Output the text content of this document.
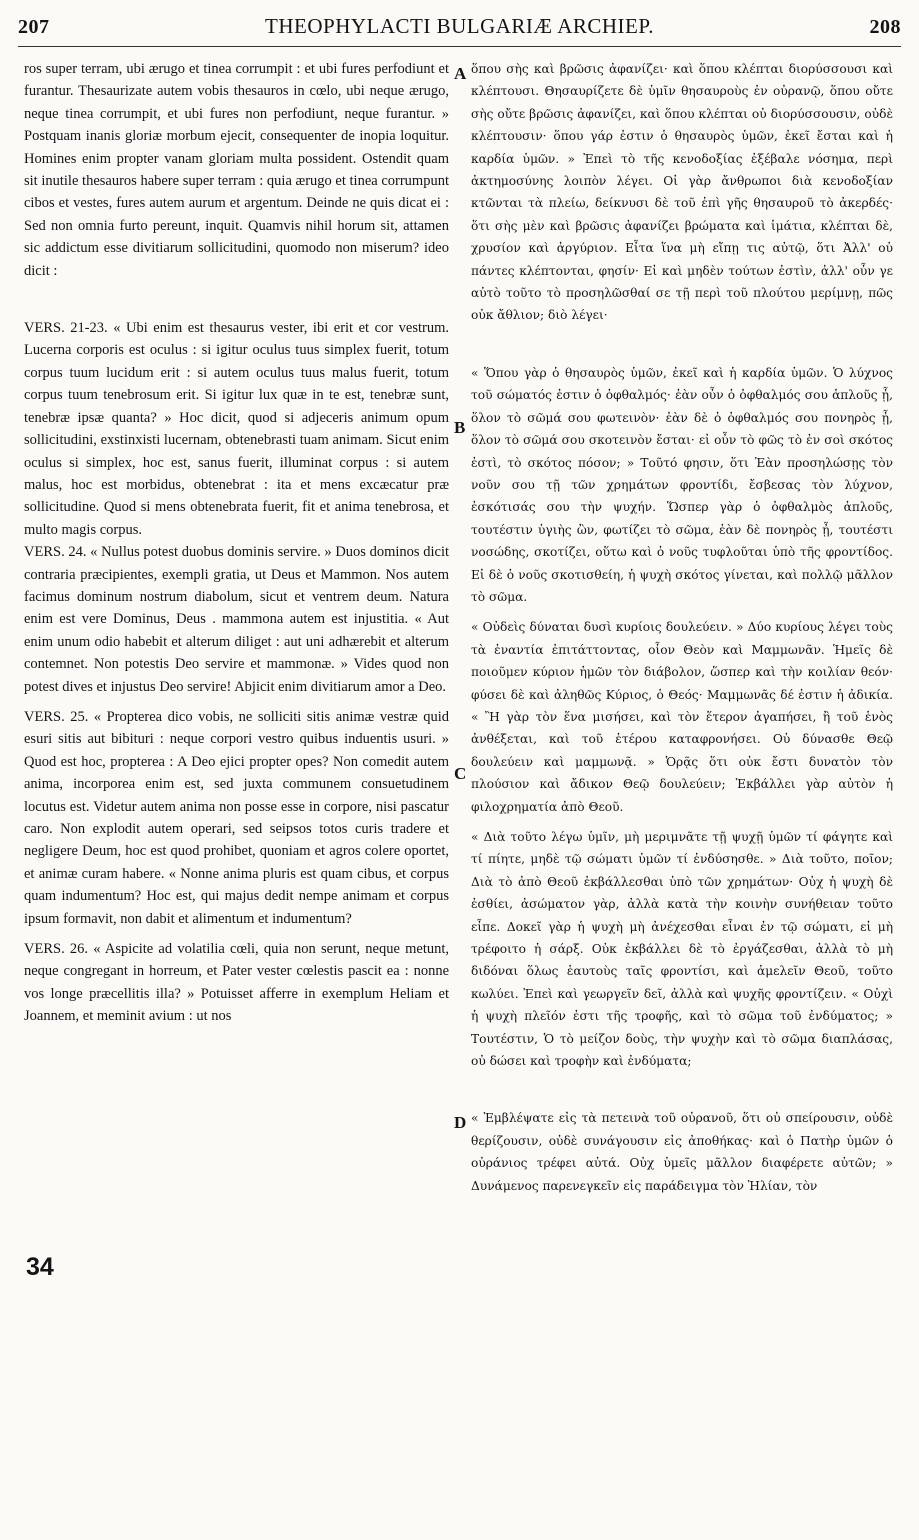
207	THEOPHYLACTI BULGARIÆ ARCHIEP.	208

ros super terram, ubi ærugo et tinea corrumpit : et ubi fures perfodiunt et furantur. Thesaurizate autem vobis thesauros in cœlo, ubi neque ærugo, neque tinea corrumpit, et ubi fures non perfodiunt, neque furantur. » Postquam inanis gloriæ morbum ejecit, consequenter de inopia loquitur. Homines enim propter vanam gloriam multa possident. Ostendit quam sit inutile thesauros habere super terram : quia ærugo et tinea corrumpunt cibos et vestes, fures autem aurum et argentum. Deinde ne quis dicat ei : Sed non omnia furto pereunt, inquit. Quamvis nihil horum sit, attamen sic addictum esse divitiarum sollicitudini, quomodo non miserum? ideo dicit :

VERS. 21-23. « Ubi enim est thesaurus vester, ibi erit et cor vestrum. Lucerna corporis est oculus : si igitur oculus tuus simplex fuerit, totum corpus tuum lucidum erit : si autem oculus tuus malus fuerit, totum corpus tuum tenebrosum erit. Si igitur lux quæ in te est, tenebræ sunt, tenebræ ipsæ quanta? » Hoc dicit, quod si adjeceris animum opum sollicitudini, exstinxisti lucernam, obtenebrasti tuam animam. Sicut enim oculus si simplex, hoc est, sanus fuerit, illuminat corpus : si autem malus, hoc est morbidus, obtenebrat : ita et mens excæcatur præ sollicitudine. Quod si mens obtenebrata fuerit, fit et anima tenebrosa, et multo magis corpus.

VERS. 24. « Nullus potest duobus dominis servire. » Duos dominos dicit contraria præcipientes, exempli gratia, ut Deus et Mammon. Nos autem facimus dominum nostrum diabolum, sicut et ventrem deum. Natura enim est vere Dominus, Deus . mammona autem est injustitia. « Aut enim unum odio habebit et alterum diliget : aut uni adhærebit et alterum contemnet. Non potestis Deo servire et mammonæ. » Vides quod non potest dives et injustus Deo servire! Abjicit enim divitiarum amor a Deo.

VERS. 25. « Propterea dico vobis, ne solliciti sitis animæ vestræ quid esuri sitis aut bibituri : neque corpori vestro quibus induentis usuri. » Quod est hoc, propterea : A Deo ejici propter opes? Non comedit autem anima, incorporea enim est, sed juxta communem consuetudinem locutus est. Videtur autem anima non posse esse in corpore, nisi pascatur caro. Non explodit autem operari, sed seipsos totos curis tradere et negligere Deum, hoc est quod prohibet, quoniam et agros colere oportet, et animæ curam habere. « Nonne anima pluris est quam cibus, et corpus quam indumentum? Hoc est, qui majus dedit nempe animam et corpus ipsum formavit, non dabit et alimentum et indumentum?

VERS. 26. « Aspicite ad volatilia cœli, quia non serunt, neque metunt, neque congregant in horreum, et Pater vester cœlestis pascit ea : nonne vos longe præcellitis illa? » Potuisset afferre in exemplum Heliam et Joannem, et meminit avium : ut nos

ὅπου σὴς καὶ βρῶσις ἀφανίζει· καὶ ὅπου κλέπται διορύσσουσι καὶ κλέπτουσι. Θησαυρίζετε δὲ ὑμῖν θησαυροὺς ἐν οὐρανῷ, ὅπου οὔτε σὴς οὔτε βρῶσις ἀφανίζει, καὶ ὅπου κλέπται οὐ διορύσσουσιν, οὐδὲ κλέπτουσιν· ὅπου γάρ ἐστιν ὁ θησαυρὸς ὑμῶν, ἐκεῖ ἔσται καὶ ἡ καρδία ὑμῶν. » Ἐπεὶ τὸ τῆς κενοδοξίας ἐξέβαλε νόσημα, περὶ ἀκτημοσύνης λοιπὸν λέγει. Οἱ γὰρ ἄνθρωποι διὰ κενοδοξίαν κτῶνται τὰ πλείω, δείκνυσι δὲ τοῦ ἐπὶ γῆς θησαυροῦ τὸ ἀκερδές· ὅτι σὴς μὲν καὶ βρῶσις ἀφανίζει βρώματα καὶ ἱμάτια, κλέπται δὲ, χρυσίον καὶ ἀργύριον. Εἶτα ἵνα μὴ εἴπῃ τις αὐτῷ, ὅτι Ἀλλ' οὐ πάντες κλέπτονται, φησίν· Εἰ καὶ μηδὲν τούτων ἐστὶν, ἀλλ' οὖν γε αὐτὸ τοῦτο τὸ προσηλῶσθαί σε τῇ περὶ τοῦ πλούτου μερίμνῃ, πῶς οὐκ ἄθλιον; διὸ λέγει·

« Ὅπου γὰρ ὁ θησαυρὸς ὑμῶν, ἐκεῖ καὶ ἡ καρδία ὑμῶν. Ὁ λύχνος τοῦ σώματός ἐστιν ὁ ὀφθαλμός· ἐὰν οὖν ὁ ὀφθαλμός σου ἁπλοῦς ᾖ, ὅλον τὸ σῶμά σου φωτεινὸν· ἐὰν δὲ ὁ ὀφθαλμός σου πονηρὸς ᾖ, ὅλον τὸ σῶμά σου σκοτεινὸν ἔσται· εἰ οὖν τὸ φῶς τὸ ἐν σοὶ σκότος ἐστὶ, τὸ σκότος πόσον; » Τοῦτό φησιν, ὅτι Ἐὰν προσηλώσῃς τὸν νοῦν σου τῇ τῶν χρημάτων φροντίδι, ἔσβεσας τὸν λύχνον, ἐσκότισάς σου τὴν ψυχήν. Ὥσπερ γὰρ ὁ ὀφθαλμὸς ἁπλοῦς, τουτέστιν ὑγιὴς ὢν, φωτίζει τὸ σῶμα, ἐὰν δὲ πονηρὸς ᾖ, τουτέστι νοσώδης, σκοτίζει, οὕτω καὶ ὁ νοῦς τυφλοῦται ὑπὸ τῆς φροντίδος. Εἰ δὲ ὁ νοῦς σκοτισθείη, ἡ ψυχὴ σκότος γίνεται, καὶ πολλῷ μᾶλλον τὸ σῶμα.

« Οὐδεὶς δύναται δυσὶ κυρίοις δουλεύειν. » Δύο κυρίους λέγει τοὺς τὰ ἐναντία ἐπιτάττοντας, οἷον Θεὸν καὶ Μαμμωνᾶν. Ἡμεῖς δὲ ποιοῦμεν κύριον ἡμῶν τὸν διάβολον, ὥσπερ καὶ τὴν κοιλίαν θεόν· φύσει δὲ καὶ ἀληθῶς Κύριος, ὁ Θεός· Μαμμωνᾶς δέ ἐστιν ἡ ἀδικία. « Ἢ γὰρ τὸν ἕνα μισήσει, καὶ τὸν ἕτερον ἀγαπήσει, ἢ τοῦ ἑνὸς ἀνθέξεται, καὶ τοῦ ἑτέρου καταφρονήσει. Οὐ δύνασθε Θεῷ δουλεύειν καὶ μαμμωνᾷ. » Ὁρᾷς ὅτι οὐκ ἔστι δυνατὸν τὸν πλούσιον καὶ ἄδικον Θεῷ δουλεύειν; Ἐκβάλλει γὰρ αὐτὸν ἡ φιλοχρηματία ἀπὸ Θεοῦ.

« Διὰ τοῦτο λέγω ὑμῖν, μὴ μεριμνᾶτε τῇ ψυχῇ ὑμῶν τί φάγητε καὶ τί πίητε, μηδὲ τῷ σώματι ὑμῶν τί ἐνδύσησθε. » Διὰ τοῦτο, ποῖον; Διὰ τὸ ἀπὸ Θεοῦ ἐκβάλλεσθαι ὑπὸ τῶν χρημάτων· Οὐχ ἡ ψυχὴ δὲ ἐσθίει, ἀσώματον γὰρ, ἀλλὰ κατὰ τὴν κοινὴν συνήθειαν τοῦτο εἶπε. Δοκεῖ γὰρ ἡ ψυχὴ μὴ ἀνέχεσθαι εἶναι ἐν τῷ σώματι, εἰ μὴ τρέφοιτο ἡ σάρξ. Οὐκ ἐκβάλλει δὲ τὸ ἐργάζεσθαι, ἀλλὰ τὸ μὴ διδόναι ὅλως ἑαυτοὺς ταῖς φροντίσι, καὶ ἀμελεῖν Θεοῦ, τοῦτο κωλύει. Ἐπεὶ καὶ γεωργεῖν δεῖ, ἀλλὰ καὶ ψυχῆς φροντίζειν. « Οὐχὶ ἡ ψυχὴ πλεῖόν ἐστι τῆς τροφῆς, καὶ τὸ σῶμα τοῦ ἐνδύματος; » Τουτέστιν, Ὁ τὸ μείζον δοὺς, τὴν ψυχὴν καὶ τὸ σῶμα διαπλάσας, οὐ δώσει καὶ τροφὴν καὶ ἐνδύματα;

« Ἐμβλέψατε εἰς τὰ πετεινὰ τοῦ οὐρανοῦ, ὅτι οὐ σπείρουσιν, οὐδὲ θερίζουσιν, οὐδὲ συνάγουσιν εἰς ἀποθήκας· καὶ ὁ Πατὴρ ὑμῶν ὁ οὐράνιος τρέφει αὐτά. Οὐχ ὑμεῖς μᾶλλον διαφέρετε αὐτῶν; » Δυνάμενος παρενεγκεῖν εἰς παράδειγμα τὸν Ἠλίαν, τὸν

A
B
C
D
34
